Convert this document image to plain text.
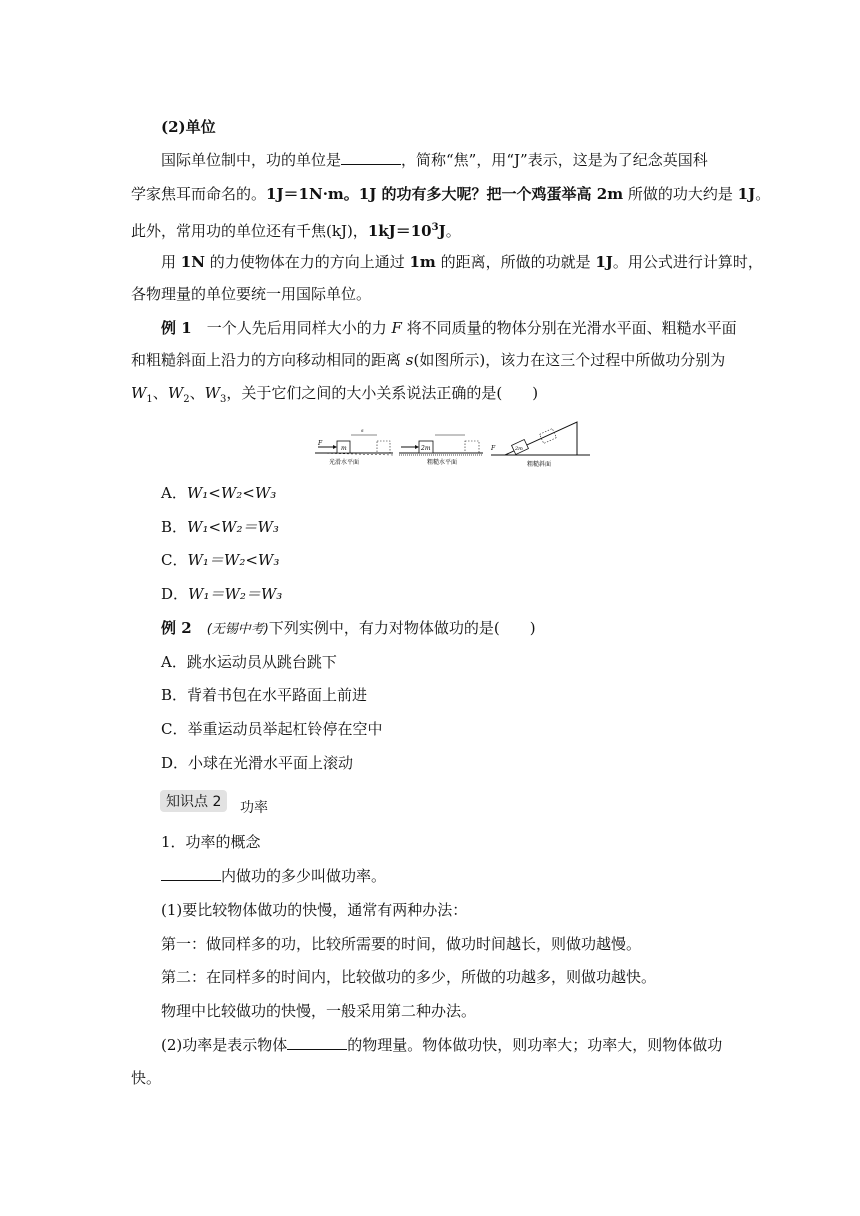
(2)单位
国际单位制中，功的单位是	，简称“焦”，用“J”表示，这是为了纪念英国科
学家焦耳而命名的。1J＝1N·m。1J 的功有多大呢？把一个鸡蛋举高 2m 所做的功大约是 1J。
此外，常用功的单位还有千焦(kJ)，$1kJ=10^3J$。
用 1N 的力使物体在力的方向上通过 1m 的距离，所做的功就是 1J。用公式进行计算时，
各物理量的单位要统一用国际单位。
例 1　 一个人先后用同样大小的力 F 将不同质量的物体分别在光滑水平面、粗糙水平面
和粗糙斜面上沿力的方向移动相同的距离 s(如图所示)，该力在这三个过程中所做功分别为
$W_1$、$W_2$、$W_3$，关于它们之间的大小关系说法正确的是(　　)
F
m
s
光滑水平面
2m
粗糙水平面
F	2m
粗糙斜面
A．W₁<W₂<W₃
B．W₁<W₂＝W₃
C．W₁＝W₂<W₃
D．W₁＝W₂＝W₃
例 2　 (无锡中考)下列实例中，有力对物体做功的是(　　)
A．跳水运动员从跳台跳下
B．背着书包在水平路面上前进
C．举重运动员举起杠铃停在空中
D．小球在光滑水平面上滚动
知识点 2	功率
1．功率的概念
内做功的多少叫做功率。
(1)要比较物体做功的快慢，通常有两种办法：
第一：做同样多的功，比较所需要的时间，做功时间越长，则做功越慢。
第二：在同样多的时间内，比较做功的多少，所做的功越多，则做功越快。
物理中比较做功的快慢，一般采用第二种办法。
(2)功率是表示物体	的物理量。物体做功快，则功率大；功率大，则物体做功
快。
